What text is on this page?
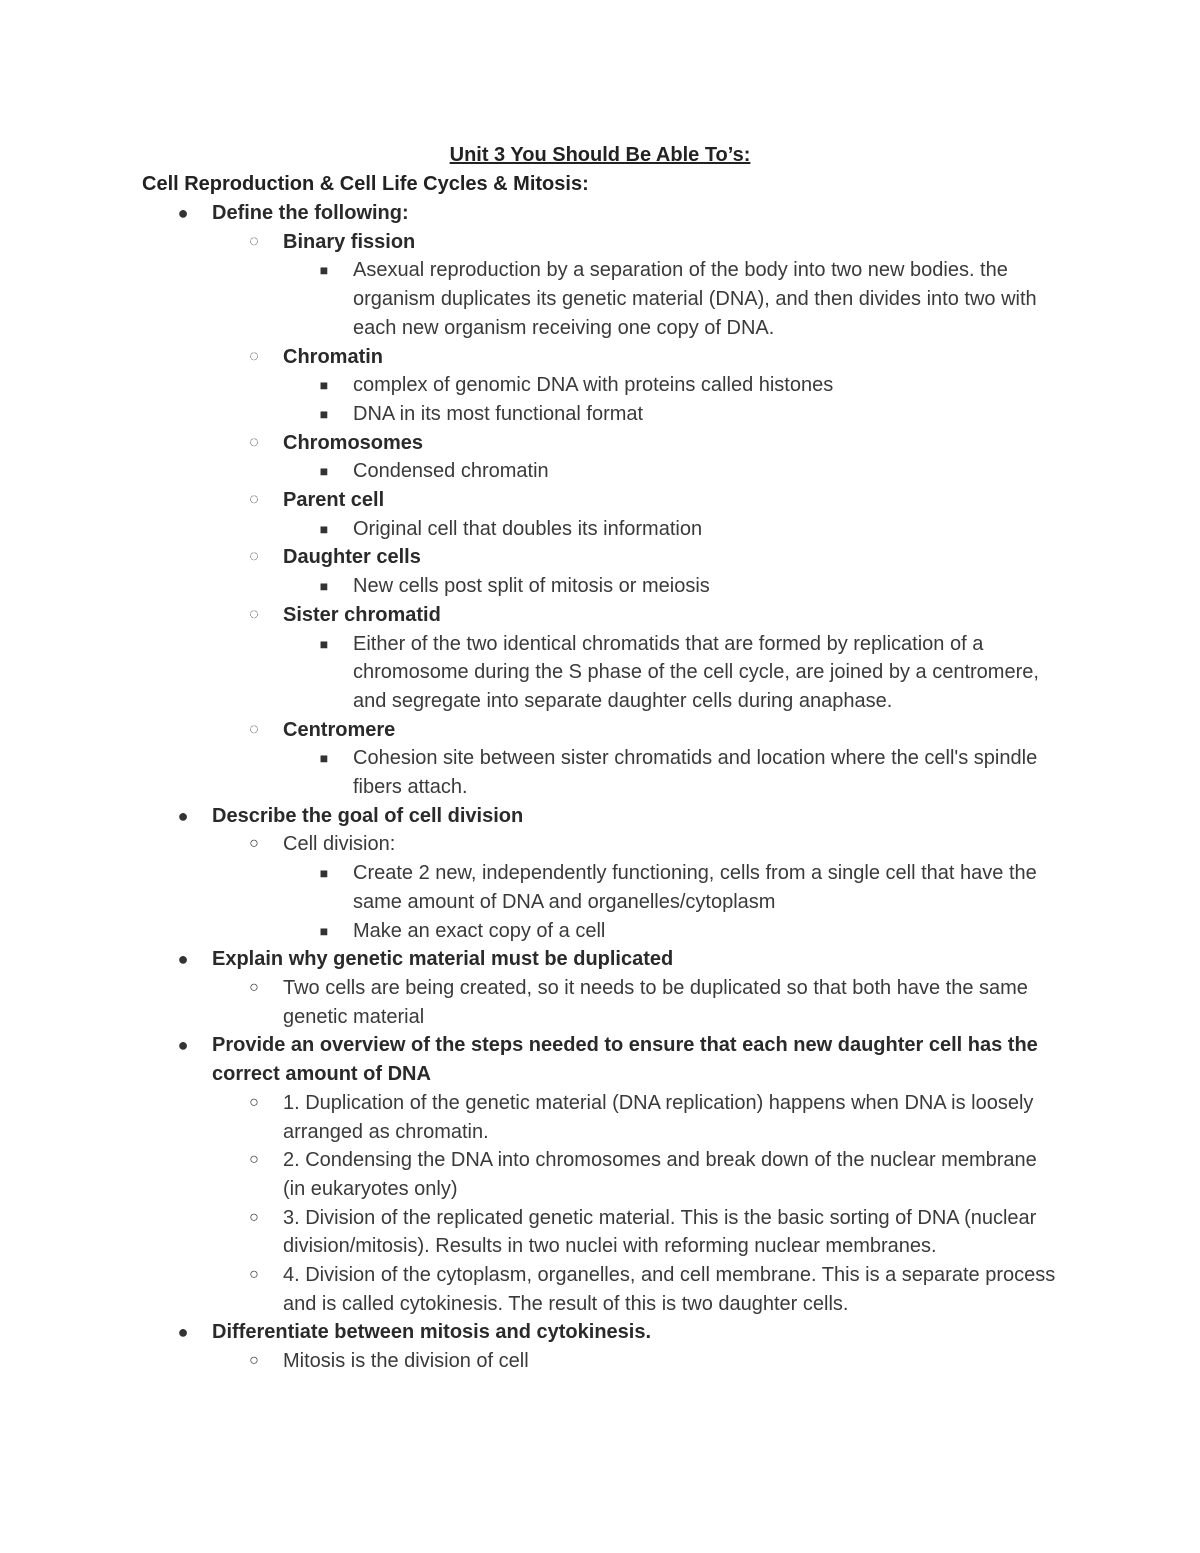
Unit 3 You Should Be Able To’s:
Cell Reproduction & Cell Life Cycles & Mitosis:
● Define the following:
◌ Binary fission
■ Asexual reproduction by a separation of the body into two new bodies. the organism duplicates its genetic material (DNA), and then divides into two with each new organism receiving one copy of DNA.
◌ Chromatin
■ complex of genomic DNA with proteins called histones
■ DNA in its most functional format
◌ Chromosomes
■ Condensed chromatin
◌ Parent cell
■ Original cell that doubles its information
◌ Daughter cells
■ New cells post split of mitosis or meiosis
◌ Sister chromatid
■ Either of the two identical chromatids that are formed by replication of a chromosome during the S phase of the cell cycle, are joined by a centromere, and segregate into separate daughter cells during anaphase.
◌ Centromere
■ Cohesion site between sister chromatids and location where the cell's spindle fibers attach.
● Describe the goal of cell division
○ Cell division:
■ Create 2 new, independently functioning, cells from a single cell that have the same amount of DNA and organelles/cytoplasm
■ Make an exact copy of a cell
● Explain why genetic material must be duplicated
○ Two cells are being created, so it needs to be duplicated so that both have the same genetic material
● Provide an overview of the steps needed to ensure that each new daughter cell has the correct amount of DNA
○ 1. Duplication of the genetic material (DNA replication) happens when DNA is loosely arranged as chromatin.
○ 2. Condensing the DNA into chromosomes and break down of the nuclear membrane (in eukaryotes only)
○ 3. Division of the replicated genetic material. This is the basic sorting of DNA (nuclear division/mitosis). Results in two nuclei with reforming nuclear membranes.
○ 4. Division of the cytoplasm, organelles, and cell membrane. This is a separate process and is called cytokinesis. The result of this is two daughter cells.
● Differentiate between mitosis and cytokinesis.
○ Mitosis is the division of cell
